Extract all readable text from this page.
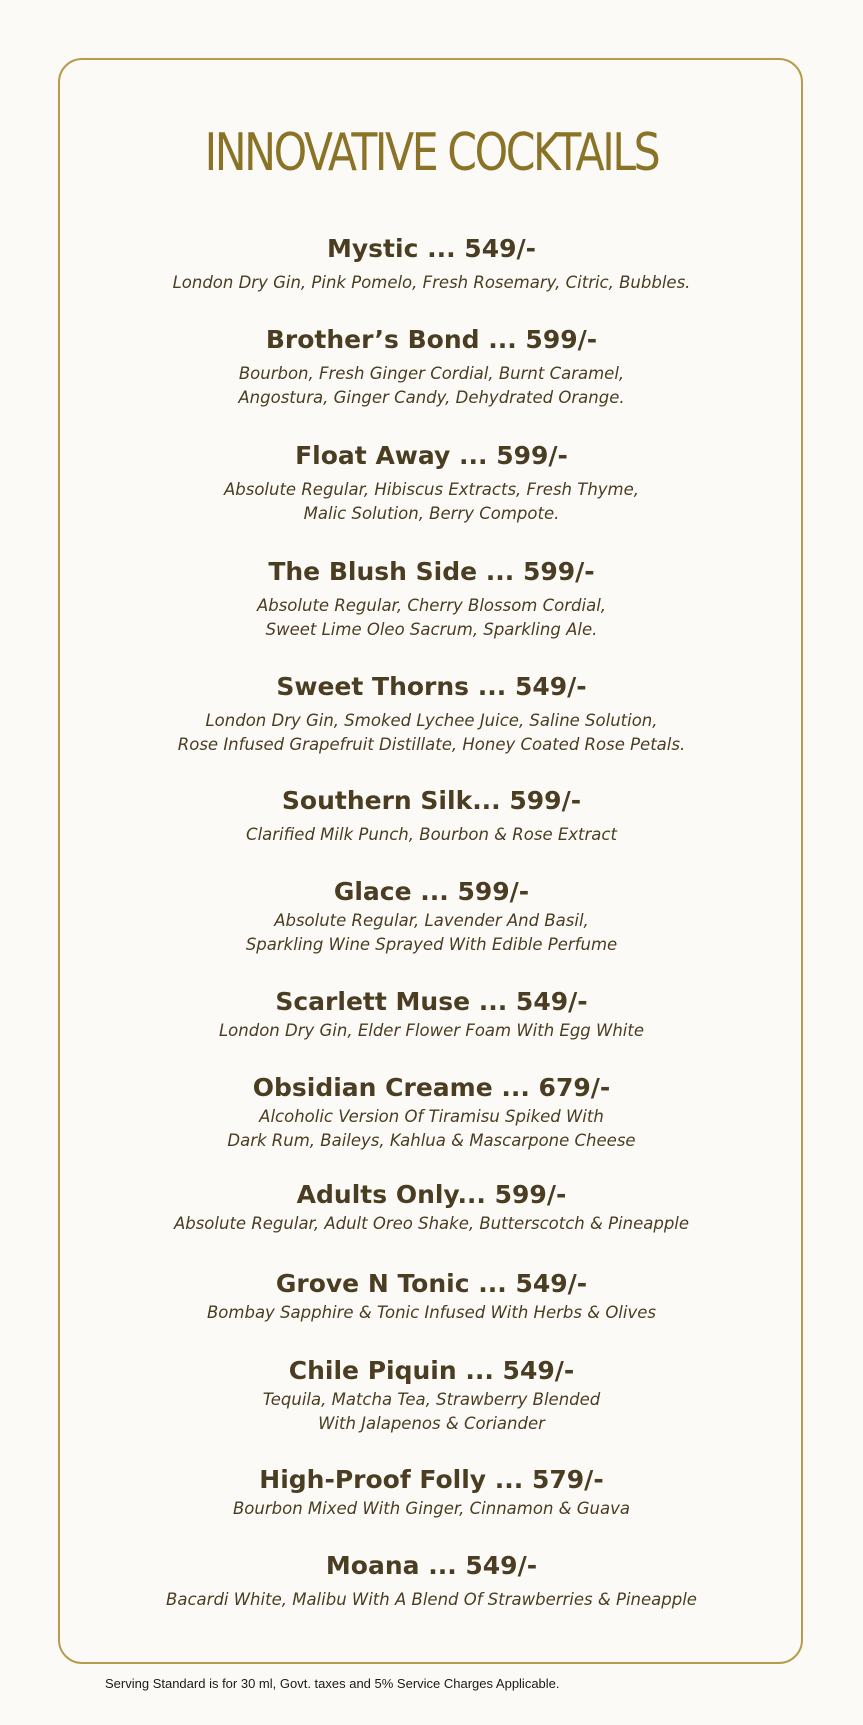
INNOVATIVE COCKTAILS

Mystic ... 549/-

London Dry Gin, Pink Pomelo, Fresh Rosemary, Citric, Bubbles.

Brother’s Bond ... 599/-

Bourbon, Fresh Ginger Cordial, Burnt Caramel,

Angostura, Ginger Candy, Dehydrated Orange.

Float Away ... 599/-

Absolute Regular, Hibiscus Extracts, Fresh Thyme,

Malic Solution, Berry Compote.

The Blush Side ... 599/-

Absolute Regular, Cherry Blossom Cordial,

Sweet Lime Oleo Sacrum, Sparkling Ale.

Sweet Thorns ... 549/-

London Dry Gin, Smoked Lychee Juice, Saline Solution,

Rose Infused Grapefruit Distillate, Honey Coated Rose Petals.

Southern Silk... 599/-

Clarified Milk Punch, Bourbon & Rose Extract

Glace ... 599/-

Absolute Regular, Lavender And Basil,

Sparkling Wine Sprayed With Edible Perfume

Scarlett Muse ... 549/-

London Dry Gin, Elder Flower Foam With Egg White

Obsidian Creame ... 679/-

Alcoholic Version Of Tiramisu Spiked With

Dark Rum, Baileys, Kahlua & Mascarpone Cheese

Adults Only... 599/-

Absolute Regular, Adult Oreo Shake, Butterscotch & Pineapple

Grove N Tonic ... 549/-

Bombay Sapphire & Tonic Infused With Herbs & Olives

Chile Piquin ... 549/-

Tequila, Matcha Tea, Strawberry Blended

With Jalapenos & Coriander

High-Proof Folly ... 579/-

Bourbon Mixed With Ginger, Cinnamon & Guava

Moana ... 549/-

Bacardi White, Malibu With A Blend Of Strawberries & Pineapple

Serving Standard is for 30 ml, Govt. taxes and 5% Service Charges Applicable.
